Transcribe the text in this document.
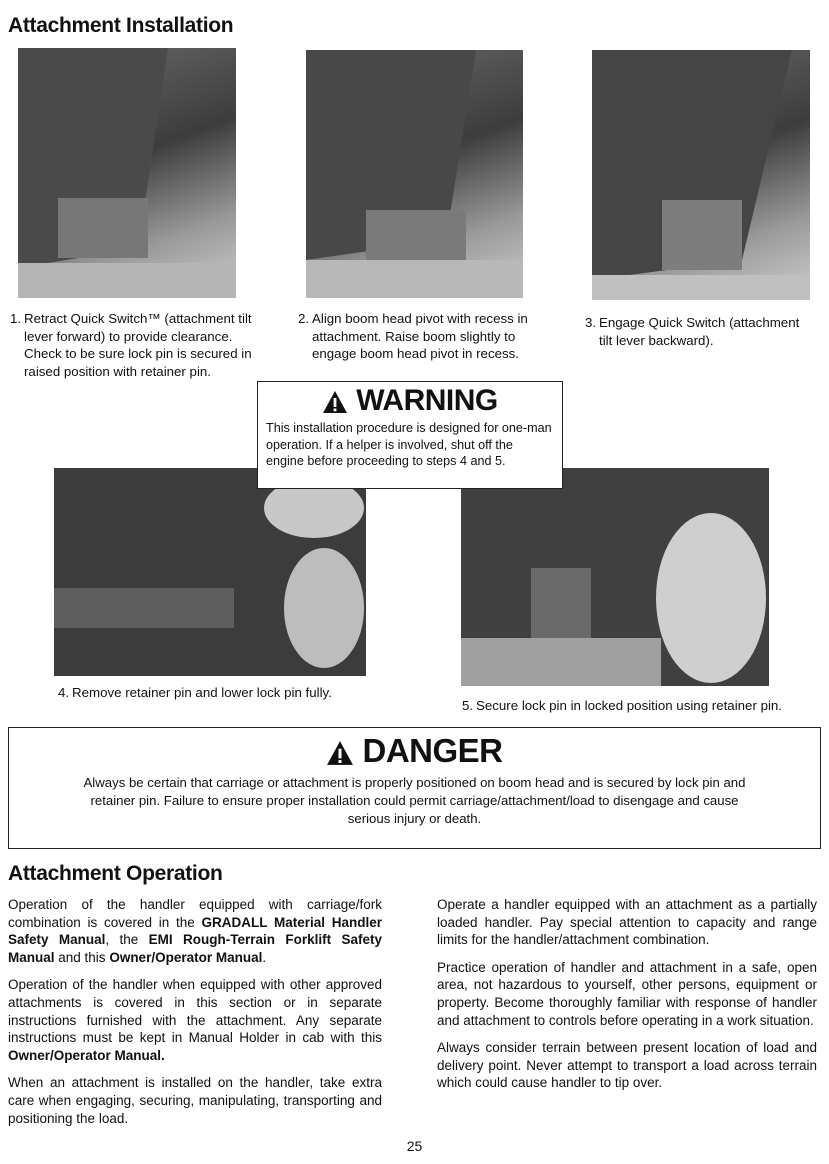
Attachment Installation
1. Retract Quick Switch™ (attachment tilt lever forward) to provide clearance. Check to be sure lock pin is secured in raised position with retainer pin.
2. Align boom head pivot with recess in attachment. Raise boom slightly to engage boom head pivot in recess.
3. Engage Quick Switch (attachment tilt lever backward).
4. Remove retainer pin and lower lock pin fully.
5. Secure lock pin in locked position using retainer pin.
WARNING
This installation procedure is designed for one-man operation. If a helper is involved, shut off the engine before proceeding to steps 4 and 5.
DANGER
Always be certain that carriage or attachment is properly positioned on boom head and is secured by lock pin and retainer pin. Failure to ensure proper installation could permit carriage/attachment/load to disengage and cause serious injury or death.
Attachment Operation

Operation of the handler equipped with carriage/fork combination is covered in the GRADALL Material Handler Safety Manual, the EMI Rough-Terrain Forklift Safety Manual and this Owner/Operator Manual.

Operation of the handler when equipped with other approved attachments is covered in this section or in separate instructions furnished with the attachment. Any separate instructions must be kept in Manual Holder in cab with this Owner/Operator Manual.

When an attachment is installed on the handler, take extra care when engaging, securing, manipulating, transporting and positioning the load.

Operate a handler equipped with an attachment as a partially loaded handler. Pay special attention to capacity and range limits for the handler/attachment combination.

Practice operation of handler and attachment in a safe, open area, not hazardous to yourself, other persons, equipment or property. Become thoroughly familiar with response of handler and attachment to controls before operating in a work situation.

Always consider terrain between present location of load and delivery point. Never attempt to transport a load across terrain which could cause handler to tip over.

25
